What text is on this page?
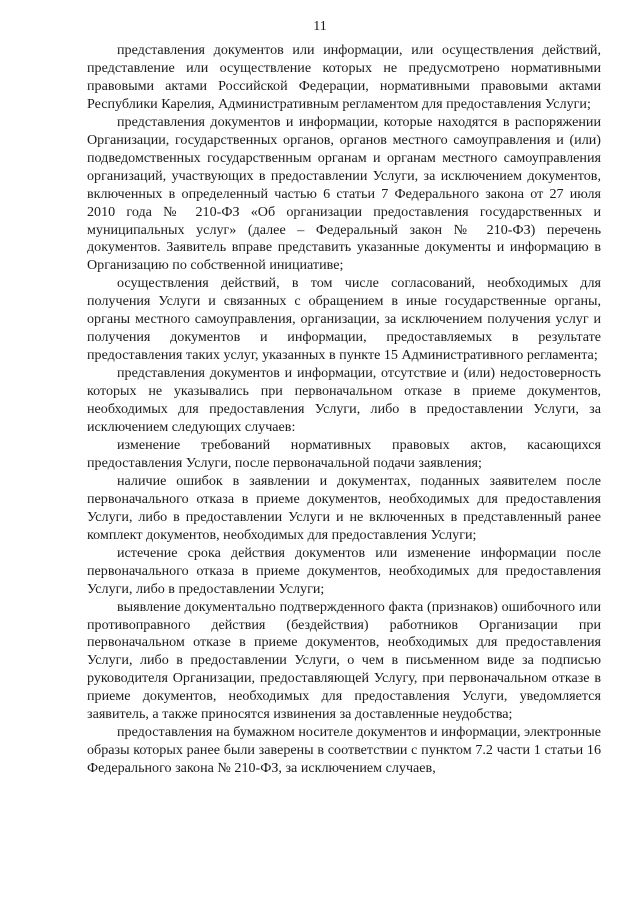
11

представления документов или информации, или осуществления действий, представление или осуществление которых не предусмотрено нормативными правовыми актами Российской Федерации, нормативными правовыми актами Республики Карелия, Административным регламентом для предоставления Услуги;

представления документов и информации, которые находятся в распоряжении Организации, государственных органов, органов местного самоуправления и (или) подведомственных государственным органам и органам местного самоуправления организаций, участвующих в предоставлении Услуги, за исключением документов, включенных в определенный частью 6 статьи 7 Федерального закона от 27 июля 2010 года № 210-ФЗ «Об организации предоставления государственных и муниципальных услуг» (далее – Федеральный закон № 210-ФЗ) перечень документов. Заявитель вправе представить указанные документы и информацию в Организацию по собственной инициативе;

осуществления действий, в том числе согласований, необходимых для получения Услуги и связанных с обращением в иные государственные органы, органы местного самоуправления, организации, за исключением получения услуг и получения документов и информации, предоставляемых в результате предоставления таких услуг, указанных в пункте 15 Административного регламента;

представления документов и информации, отсутствие и (или) недостоверность которых не указывались при первоначальном отказе в приеме документов, необходимых для предоставления Услуги, либо в предоставлении Услуги, за исключением следующих случаев:

изменение требований нормативных правовых актов, касающихся предоставления Услуги, после первоначальной подачи заявления;

наличие ошибок в заявлении и документах, поданных заявителем после первоначального отказа в приеме документов, необходимых для предоставления Услуги, либо в предоставлении Услуги и не включенных в представленный ранее комплект документов, необходимых для предоставления Услуги;

истечение срока действия документов или изменение информации после первоначального отказа в приеме документов, необходимых для предоставления Услуги, либо в предоставлении Услуги;

выявление документально подтвержденного факта (признаков) ошибочного или противоправного действия (бездействия) работников Организации при первоначальном отказе в приеме документов, необходимых для предоставления Услуги, либо в предоставлении Услуги, о чем в письменном виде за подписью руководителя Организации, предоставляющей Услугу, при первоначальном отказе в приеме документов, необходимых для предоставления Услуги, уведомляется заявитель, а также приносятся извинения за доставленные неудобства;

предоставления на бумажном носителе документов и информации, электронные образы которых ранее были заверены в соответствии с пунктом 7.2 части 1 статьи 16 Федерального закона № 210-ФЗ, за исключением случаев,
